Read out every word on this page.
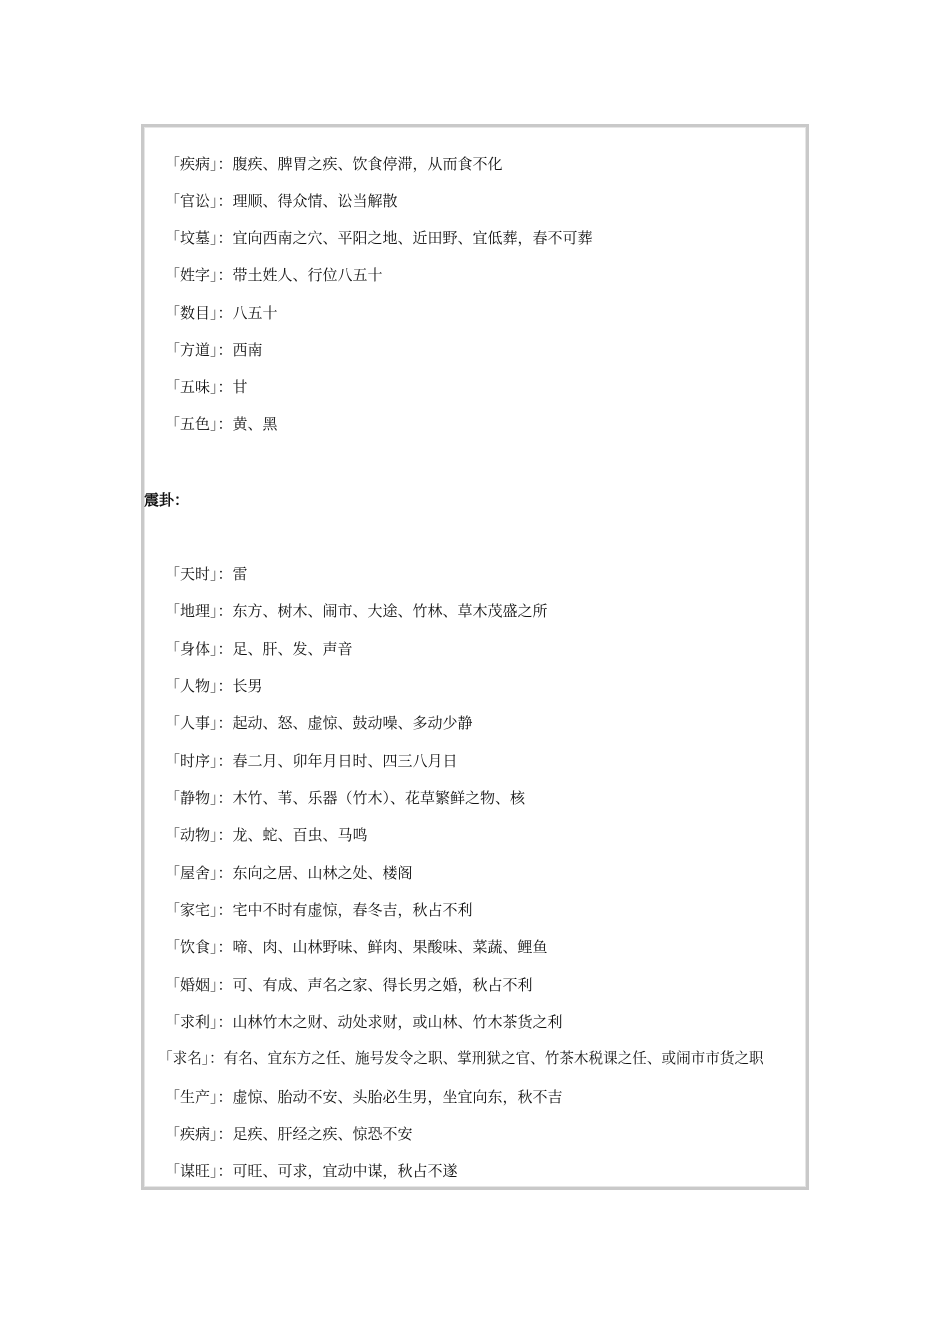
「疾病」：腹疾、脾胃之疾、饮食停滞，从而食不化
「官讼」：理顺、得众情、讼当解散
「坟墓」：宜向西南之穴、平阳之地、近田野、宜低葬，春不可葬
「姓字」：带土姓人、行位八五十
「数目」：八五十
「方道」：西南
「五味」：甘
「五色」：黄、黑
震卦：
「天时」：雷
「地理」：东方、树木、闹市、大途、竹林、草木茂盛之所
「身体」：足、肝、发、声音
「人物」：长男
「人事」：起动、怒、虚惊、鼓动噪、多动少静
「时序」：春二月、卯年月日时、四三八月日
「静物」：木竹、苇、乐器（竹木）、花草繁鲜之物、核
「动物」：龙、蛇、百虫、马鸣
「屋舍」：东向之居、山林之处、楼阁
「家宅」：宅中不时有虚惊，春冬吉，秋占不利
「饮食」：啼、肉、山林野味、鲜肉、果酸味、菜蔬、鲤鱼
「婚姻」：可、有成、声名之家、得长男之婚，秋占不利
「求利」：山林竹木之财、动处求财，或山林、竹木茶货之利
「求名」：有名、宜东方之任、施号发令之职、掌刑狱之官、竹茶木税课之任、或闹市市货之职
「生产」：虚惊、胎动不安、头胎必生男，坐宜向东，秋不吉
「疾病」：足疾、肝经之疾、惊恐不安
「谋旺」：可旺、可求，宜动中谋，秋占不遂
